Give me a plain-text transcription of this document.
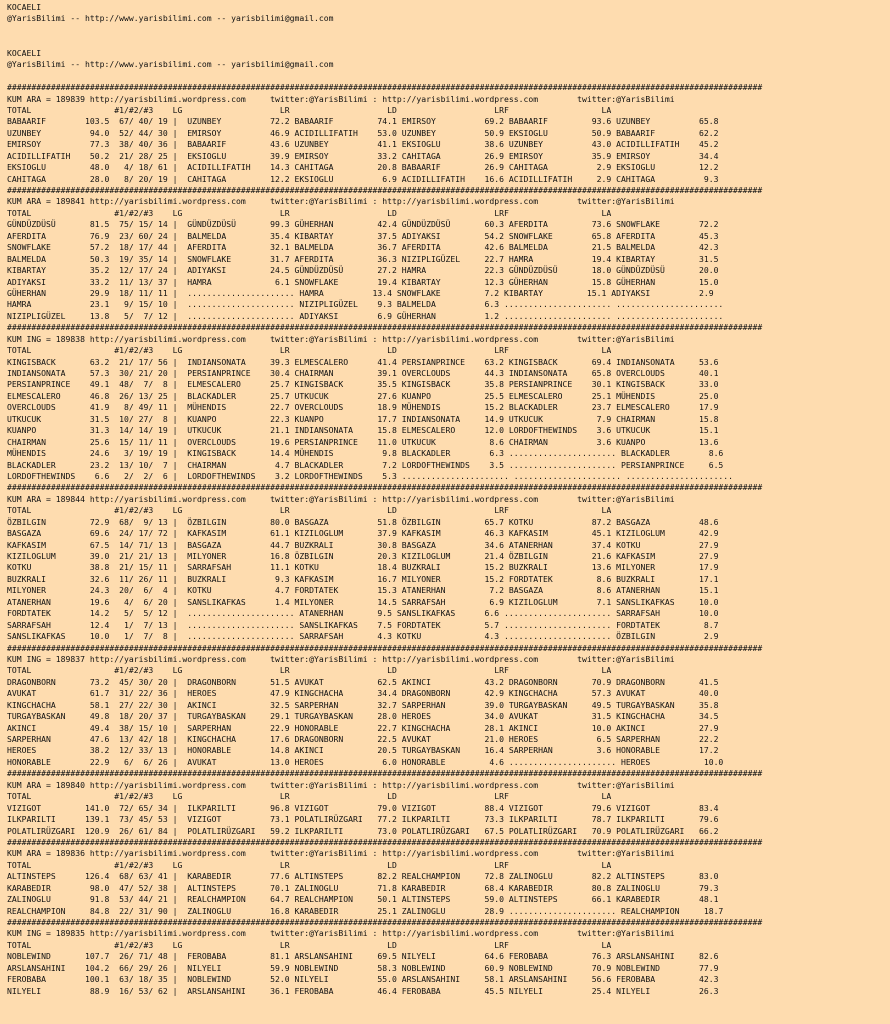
KOCAELI
@YarisBilimi -- http://www.yarisbilimi.com -- yarisbilimi@gmail.com
KOCAELI
@YarisBilimi -- http://www.yarisbilimi.com -- yarisbilimi@gmail.com
###########################################################################################################################################################
KUM ARA = 189839 http://yarisbilimi.wordpress.com     twitter:@YarisBilimi : http://yarisbilimi.wordpress.com        twitter:@YarisBilimi
TOTAL                 #1/#2/#3    LG                    LR                    LD                    LRF                   LA
BABAARIF        103.5  67/ 40/ 19 |  UZUNBEY          72.2 BABAARIF         74.1 EMIRSOY          69.2 BABAARIF         93.6 UZUNBEY          65.8
UZUNBEY          94.0  52/ 44/ 30 |  EMIRSOY          46.9 ACIDILLIFATIH    53.0 UZUNBEY          50.9 EKSIOGLU         50.9 BABAARIF         62.2
EMIRSOY          77.3  38/ 40/ 36 |  BABAARIF         43.6 UZUNBEY          41.1 EKSIOGLU         38.6 UZUNBEY          43.0 ACIDILLIFATIH    45.2
ACIDILLIFATIH    50.2  21/ 28/ 25 |  EKSIOGLU         39.9 EMIRSOY          33.2 CAHITAGA         26.9 EMIRSOY          35.9 EMIRSOY          34.4
EKSIOGLU         48.0   4/ 18/ 61 |  ACIDILLIFATIH    14.3 CAHITAGA         20.8 BABAARIF         26.9 CAHITAGA          2.9 EKSIOGLU         12.2
CAHITAGA         28.0   8/ 20/ 19 |  CAHITAGA         12.2 EKSIOGLU          6.9 ACIDILLIFATIH    16.6 ACIDILLIFATIH     2.9 CAHITAGA          9.3
###########################################################################################################################################################
KUM ARA = 189841 http://yarisbilimi.wordpress.com     twitter:@YarisBilimi : http://yarisbilimi.wordpress.com        twitter:@YarisBilimi
TOTAL                 #1/#2/#3    LG                    LR                    LD                    LRF                   LA
GÜNDÜZDÜSÜ       81.5  75/ 15/ 14 |  GÜNDÜZDÜSÜ       99.3 GÜHERHAN         42.4 GÜNDÜZDÜSÜ       60.3 AFERDITA         73.6 SNOWFLAKE        72.2
AFERDITA         76.9  23/ 60/ 24 |  BALMELDA         35.4 KIBARTAY         37.5 ADIYAKSI         54.2 SNOWFLAKE        65.8 AFERDITA         45.3
SNOWFLAKE        57.2  18/ 17/ 44 |  AFERDITA         32.1 BALMELDA         36.7 AFERDITA         42.6 BALMELDA         21.5 BALMELDA         42.3
BALMELDA         50.3  19/ 35/ 14 |  SNOWFLAKE        31.7 AFERDITA         36.3 NIZIPLIGÜZEL     22.7 HAMRA            19.4 KIBARTAY         31.5
KIBARTAY         35.2  12/ 17/ 24 |  ADIYAKSI         24.5 GÜNDÜZDÜSÜ       27.2 HAMRA            22.3 GÜNDÜZDÜSÜ       18.0 GÜNDÜZDÜSÜ       20.0
ADIYAKSI         33.2  11/ 13/ 37 |  HAMRA             6.1 SNOWFLAKE        19.4 KIBARTAY         12.3 GÜHERHAN         15.8 GÜHERHAN         15.0
GÜHERHAN         29.9  18/ 11/ 11 |  ...................... HAMRA          13.4 SNOWFLAKE         7.2 KIBARTAY         15.1 ADIYAKSI          2.9
HAMRA            23.1   9/ 15/ 10 |  ...................... NIZIPLIGÜZEL    9.3 BALMELDA          6.3 ...................... ......................
NIZIPLIGÜZEL     13.8   5/  7/ 12 |  ...................... ADIYAKSI        6.9 GÜHERHAN          1.2 ...................... ......................
###########################################################################################################################################################
KUM ING = 189838 http://yarisbilimi.wordpress.com     twitter:@YarisBilimi : http://yarisbilimi.wordpress.com        twitter:@YarisBilimi
TOTAL                 #1/#2/#3    LG                    LR                    LD                    LRF                   LA
KINGISBACK       63.2  21/ 17/ 56 |  INDIANSONATA     39.3 ELMESCALERO      41.4 PERSIANPRINCE    63.2 KINGISBACK       69.4 INDIANSONATA     53.6
INDIANSONATA     57.3  30/ 21/ 20 |  PERSIANPRINCE    30.4 CHAIRMAN         39.1 OVERCLOUDS       44.3 INDIANSONATA     65.8 OVERCLOUDS       40.1
PERSIANPRINCE    49.1  48/  7/  8 |  ELMESCALERO      25.7 KINGISBACK       35.5 KINGISBACK       35.8 PERSIANPRINCE    30.1 KINGISBACK       33.0
ELMESCALERO      46.8  26/ 13/ 25 |  BLACKADLER       25.7 UTKUCUK          27.6 KUANPO           25.5 ELMESCALERO      25.1 MÜHENDIS         25.0
OVERCLOUDS       41.9   8/ 49/ 11 |  MÜHENDIS         22.7 OVERCLOUDS       18.9 MÜHENDIS         15.2 BLACKADLER       23.7 ELMESCALERO      17.9
UTKUCUK          31.5  10/ 27/  8 |  KUANPO           22.3 KUANPO           17.7 INDIANSONATA     14.9 UTKUCUK           7.9 CHAIRMAN         15.8
KUANPO           31.3  14/ 14/ 19 |  UTKUCUK          21.1 INDIANSONATA     15.8 ELMESCALERO      12.0 LORDOFTHEWINDS    3.6 UTKUCUK          15.1
CHAIRMAN         25.6  15/ 11/ 11 |  OVERCLOUDS       19.6 PERSIANPRINCE    11.0 UTKUCUK           8.6 CHAIRMAN          3.6 KUANPO           13.6
MÜHENDIS         24.6   3/ 19/ 19 |  KINGISBACK       14.4 MÜHENDIS          9.8 BLACKADLER        6.3 ...................... BLACKADLER        8.6
BLACKADLER       23.2  13/ 10/  7 |  CHAIRMAN          4.7 BLACKADLER        7.2 LORDOFTHEWINDS    3.5 ...................... PERSIANPRINCE     6.5
LORDOFTHEWINDS    6.6   2/  2/  6 |  LORDOFTHEWINDS    3.2 LORDOFTHEWINDS    5.3 ...................... ...................... ......................
###########################################################################################################################################################
KUM ARA = 189844 http://yarisbilimi.wordpress.com     twitter:@YarisBilimi : http://yarisbilimi.wordpress.com        twitter:@YarisBilimi
TOTAL                 #1/#2/#3    LG                    LR                    LD                    LRF                   LA
ÖZBILGIN         72.9  68/  9/ 13 |  ÖZBILGIN         80.0 BASGAZA          51.8 ÖZBILGIN         65.7 KOTKU            87.2 BASGAZA          48.6
BASGAZA          69.6  24/ 17/ 72 |  KAFKASIM         61.1 KIZILOGLUM       37.9 KAFKASIM         46.3 KAFKASIM         45.1 KIZILOGLUM       42.9
KAFKASIM         67.5  14/ 71/ 13 |  BASGAZA          44.7 BUZKRALI         30.8 BASGAZA          34.6 ATANERHAN        37.4 KOTKU            27.9
KIZILOGLUM       39.0  21/ 21/ 13 |  MILYONER         16.8 ÖZBILGIN         20.3 KIZILOGLUM       21.4 ÖZBILGIN         21.6 KAFKASIM         27.9
KOTKU            38.8  21/ 15/ 11 |  SARRAFSAH        11.1 KOTKU            18.4 BUZKRALI         15.2 BUZKRALI         13.6 MILYONER         17.9
BUZKRALI         32.6  11/ 26/ 11 |  BUZKRALI          9.3 KAFKASIM         16.7 MILYONER         15.2 FORDTATEK         8.6 BUZKRALI         17.1
MILYONER         24.3  20/  6/  4 |  KOTKU             4.7 FORDTATEK        15.3 ATANERHAN         7.2 BASGAZA           8.6 ATANERHAN        15.1
ATANERHAN        19.6   4/  6/ 20 |  SANSLIKAFKAS      1.4 MILYONER         14.5 SARRAFSAH         6.9 KIZILOGLUM        7.1 SANSLIKAFKAS     10.0
FORDTATEK        14.2   5/  5/ 12 |  ...................... ATANERHAN       9.5 SANSLIKAFKAS      6.6 ...................... SARRAFSAH        10.0
SARRAFSAH        12.4   1/  7/ 13 |  ...................... SANSLIKAFKAS    7.5 FORDTATEK         5.7 ...................... FORDTATEK         8.7
SANSLIKAFKAS     10.0   1/  7/  8 |  ...................... SARRAFSAH       4.3 KOTKU             4.3 ...................... ÖZBILGIN          2.9
###########################################################################################################################################################
KUM ING = 189837 http://yarisbilimi.wordpress.com     twitter:@YarisBilimi : http://yarisbilimi.wordpress.com        twitter:@YarisBilimi
TOTAL                 #1/#2/#3    LG                    LR                    LD                    LRF                   LA
DRAGONBORN       73.2  45/ 30/ 20 |  DRAGONBORN       51.5 AVUKAT           62.5 AKINCI           43.2 DRAGONBORN       70.9 DRAGONBORN       41.5
AVUKAT           61.7  31/ 22/ 36 |  HEROES           47.9 KINGCHACHA       34.4 DRAGONBORN       42.9 KINGCHACHA       57.3 AVUKAT           40.0
KINGCHACHA       58.1  27/ 22/ 30 |  AKINCI           32.5 SARPERHAN        32.7 SARPERHAN        39.0 TURGAYBASKAN     49.5 TURGAYBASKAN     35.8
TURGAYBASKAN     49.8  18/ 20/ 37 |  TURGAYBASKAN     29.1 TURGAYBASKAN     28.0 HEROES           34.0 AVUKAT           31.5 KINGCHACHA       34.5
AKINCI           49.4  38/ 15/ 10 |  SARPERHAN        22.9 HONORABLE        22.7 KINGCHACHA       28.1 AKINCI           10.0 AKINCI           27.9
SARPERHAN        47.6  13/ 42/ 18 |  KINGCHACHA       17.6 DRAGONBORN       22.5 AVUKAT           21.0 HEROES            6.5 SARPERHAN        22.2
HEROES           38.2  12/ 33/ 13 |  HONORABLE        14.8 AKINCI           20.5 TURGAYBASKAN     16.4 SARPERHAN         3.6 HONORABLE        17.2
HONORABLE        22.9   6/  6/ 26 |  AVUKAT           13.0 HEROES            6.0 HONORABLE         4.6 ...................... HEROES           10.0
###########################################################################################################################################################
KUM ARA = 189840 http://yarisbilimi.wordpress.com     twitter:@YarisBilimi : http://yarisbilimi.wordpress.com        twitter:@YarisBilimi
TOTAL                 #1/#2/#3    LG                    LR                    LD                    LRF                   LA
VIZIGOT         141.0  72/ 65/ 34 |  ILKPARILTI       96.8 VIZIGOT          79.0 VIZIGOT          88.4 VIZIGOT          79.6 VIZIGOT          83.4
ILKPARILTI      139.1  73/ 45/ 53 |  VIZIGOT          73.1 POLATLIRÜZGARI   77.2 ILKPARILTI       73.3 ILKPARILTI       78.7 ILKPARILTI       79.6
POLATLIRÜZGARI  120.9  26/ 61/ 84 |  POLATLIRÜZGARI   59.2 ILKPARILTI       73.0 POLATLIRÜZGARI   67.5 POLATLIRÜZGARI   70.9 POLATLIRÜZGARI   66.2
###########################################################################################################################################################
KUM ARA = 189836 http://yarisbilimi.wordpress.com     twitter:@YarisBilimi : http://yarisbilimi.wordpress.com        twitter:@YarisBilimi
TOTAL                 #1/#2/#3    LG                    LR                    LD                    LRF                   LA
ALTINSTEPS      126.4  68/ 63/ 41 |  KARABEDIR        77.6 ALTINSTEPS       82.2 REALCHAMPION     72.8 ZALINOGLU        82.2 ALTINSTEPS       83.0
KARABEDIR        98.0  47/ 52/ 38 |  ALTINSTEPS       70.1 ZALINOGLU        71.8 KARABEDIR        68.4 KARABEDIR        80.8 ZALINOGLU        79.3
ZALINOGLU        91.8  53/ 44/ 21 |  REALCHAMPION     64.7 REALCHAMPION     50.1 ALTINSTEPS       59.0 ALTINSTEPS       66.1 KARABEDIR        48.1
REALCHAMPION     84.8  22/ 31/ 90 |  ZALINOGLU        16.8 KARABEDIR        25.1 ZALINOGLU        28.9 ...................... REALCHAMPION     18.7
###########################################################################################################################################################
KUM ING = 189835 http://yarisbilimi.wordpress.com     twitter:@YarisBilimi : http://yarisbilimi.wordpress.com        twitter:@YarisBilimi
TOTAL                 #1/#2/#3    LG                    LR                    LD                    LRF                   LA
NOBLEWIND       107.7  26/ 71/ 48 |  FEROBABA         81.1 ARSLANSAHINI     69.5 NILYELI          64.6 FEROBABA         76.3 ARSLANSAHINI     82.6
ARSLANSAHINI    104.2  66/ 29/ 26 |  NILYELI          59.9 NOBLEWIND        58.3 NOBLEWIND        60.9 NOBLEWIND        70.9 NOBLEWIND        77.9
FEROBABA        100.1  63/ 18/ 35 |  NOBLEWIND        52.0 NILYELI          55.0 ARSLANSAHINI     58.1 ARSLANSAHINI     56.6 FEROBABA         42.3
NILYELI          88.9  16/ 53/ 62 |  ARSLANSAHINI     36.1 FEROBABA         46.4 FEROBABA         45.5 NILYELI          25.4 NILYELI          26.3
